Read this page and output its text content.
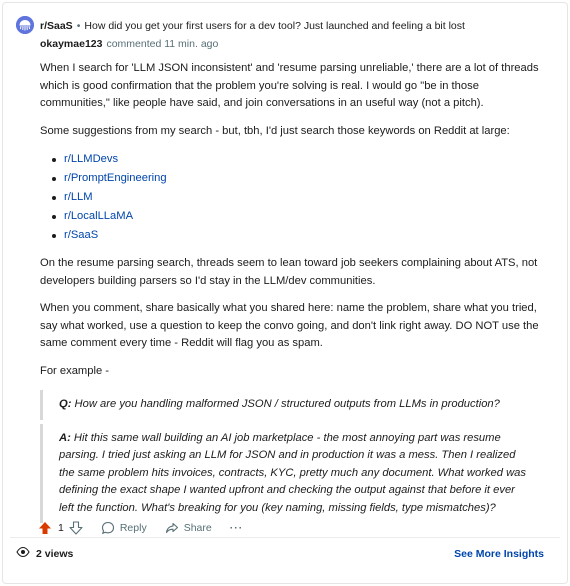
r/SaaS • How did you get your first users for a dev tool? Just launched and feeling a bit lost
okaymae123 commented 11 min. ago

When I search for 'LLM JSON inconsistent' and 'resume parsing unreliable,' there are a lot of threads which is good confirmation that the problem you're solving is real. I would go "be in those communities," like people have said, and join conversations in an useful way (not a pitch).

Some suggestions from my search - but, tbh, I'd just search those keywords on Reddit at large:

r/LLMDevs
r/PromptEngineering
r/LLM
r/LocalLLaMA
r/SaaS

On the resume parsing search, threads seem to lean toward job seekers complaining about ATS, not developers building parsers so I'd stay in the LLM/dev communities.

When you comment, share basically what you shared here: name the problem, share what you tried, say what worked, use a question to keep the convo going, and don't link right away. DO NOT use the same comment every time - Reddit will flag you as spam.

For example -

Q: How are you handling malformed JSON / structured outputs from LLMs in production?
A: Hit this same wall building an AI job marketplace - the most annoying part was resume parsing. I tried just asking an LLM for JSON and in production it was a mess. Then I realized the same problem hits invoices, contracts, KYC, pretty much any document. What worked was defining the exact shape I wanted upfront and checking the output against that before it ever left the function. What's breaking for you (key naming, missing fields, type mismatches)?
1	Reply	Share ···
2 views	See More Insights
